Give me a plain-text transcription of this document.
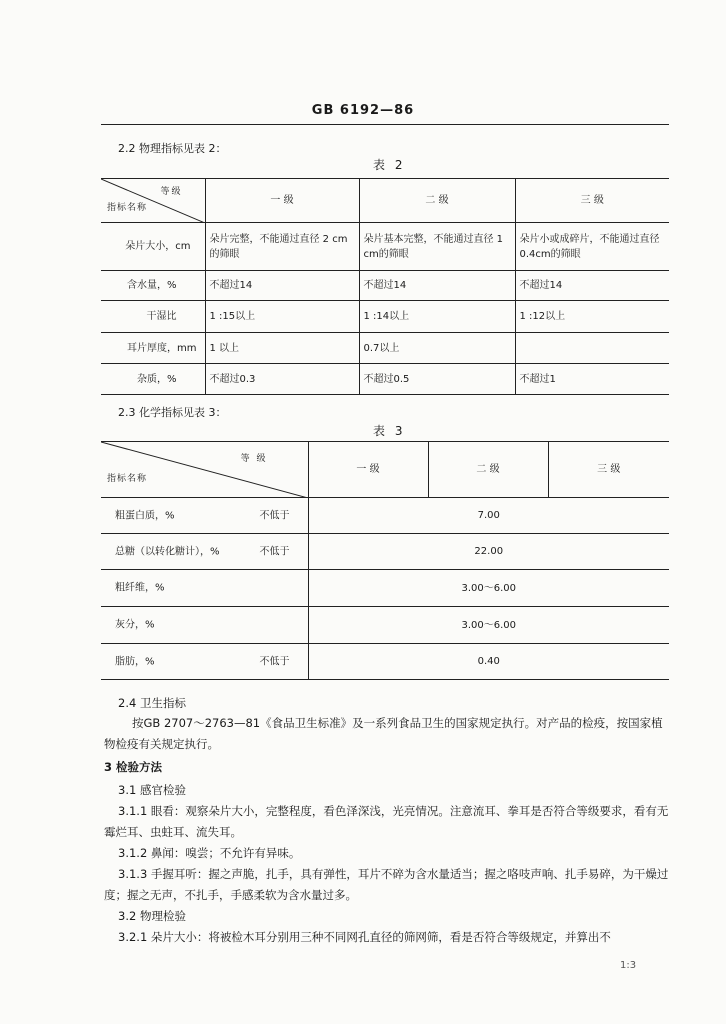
GB 6192—86
2.2 物理指标见表 2：
表 2
等级
指标名称	一 级	二 级	三 级
朵片大小，cm	朵片完整，不能通过直径 2 cm的筛眼	朵片基本完整，不能通过直径 1 cm的筛眼	朵片小或成碎片，不能通过直径0.4cm的筛眼
含水量，%	不超过14	不超过14	不超过14
干湿比	1 :15以上	1 :14以上	1 :12以上
耳片厚度，mm	1 以上	0.7以上	
杂质，%	不超过0.3	不超过0.5	不超过1
2.3 化学指标见表 3：
表 3
等 级
指标名称	一 级	二 级	三 级

粗蛋白质，% 不低于	7.00		

总糖（以转化糖计），% 不低于	22.00		

粗纤维，%	3.00～6.00		

灰分，%	3.00～6.00		

脂肪，% 不低于	0.40		
2.4 卫生指标
按GB 2707～2763—81《食品卫生标准》及一系列食品卫生的国家规定执行。对产品的检疫，按国家植物检疫有关规定执行。
3 检验方法
3.1 感官检验
3.1.1 眼看：观察朵片大小，完整程度，看色泽深浅，光亮情况。注意流耳、拳耳是否符合等级要求，看有无霉烂耳、虫蛀耳、流失耳。
3.1.2 鼻闻：嗅尝；不允许有异味。
3.1.3 手握耳听：握之声脆，扎手，具有弹性，耳片不碎为含水量适当；握之咯吱声响、扎手易碎，为干燥过度；握之无声，不扎手，手感柔软为含水量过多。
3.2 物理检验
3.2.1 朵片大小：将被检木耳分别用三种不同网孔直径的筛网筛，看是否符合等级规定，并算出不
1:3
